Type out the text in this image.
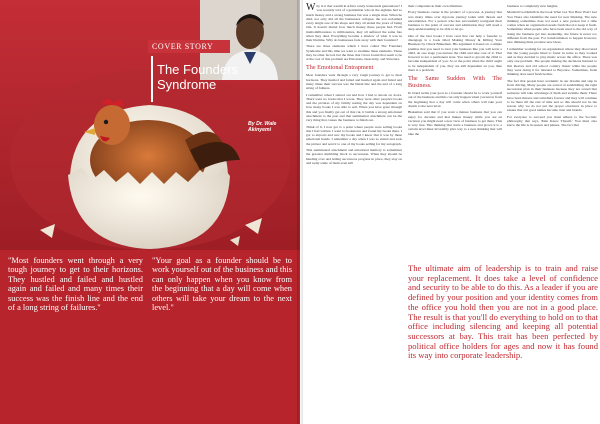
COVER STORY
The Founders
Syndrome
By Dr. Wale Akinyemi
"Most founders went through a very tough journey to get to their horizons. They hustled and failed and hustled again and failed and many times their success was the finish line and the end of a long string of failures."
"Your goal as a founder should be to work yourself out of the business and this can only happen when you know from the beginning that a day will come when others will take your dream to the next level."

Why is it that wealth in Africa rarely transcends generations? I was recently told of a gentleman who in the eighties had so much money and a strong business but was a single man. When he died, not only did all the businesses collapse, the son reclaimed every single one of his shops and they all ended the years of being idle. It doesn't matter how much money these people had. From multi-millionaires to millionaires, they all suffered the same fate when they died. Everything became a shadow of what it was in their lifetime. Why do businesses fade away with their founders?

There are three elements which I have called The Founders Syndrome and this time we want to examine these elements. These may be other factors but the three that I have found that seem to be at the root of this problem are Emotions, Insecurity, and Structure.

The Emotional Entrapment

Most founders went through a very tough journey to get to their horizons. They hustled and failed and hustled again and failed and many times their success was the finish line and the end of a long string of failures.

I remember when I started out and how I had to knock on doors. There were no books that I wrote. They were other people's books and the pictures of my family resting the day was dependent on how many books I was able to sell. When you have gone through this and you finally get out of that rut, it builds a strong emotional attachment to the past and that sentimental attachment can be the very thing that causes the business to finish out.

Think of it. I now get to a point where people were selling books that I had written. I went to bookstores and found my books there. I got to airports and saw my books and I knew that it was by these emotional hands. I remember a day when I was so elated and took the picture and sent it to one of my books selling for my autograph.

This sentimental attachment and emotional memory is sometimes the greatest stumbling block to succession. When they should be handing over and letting successors progress in place, they stay on and sadly some of them even kill

their companies in their own lifetimes.

Every business owner is the product of a process. A journey that was many times over rigorous journey laden with threats and uncertainties. For a person who has successfully navigated their business to the point of success and admiration they will need a deep understanding to be able to let go.

One of the best books I have read that can help a founder to disengage is a book titled Making Money & Killing Your Business by Chuck Blakeman. His argument is based on a simple premise that you need to treat your business like you will sever a child. At one stage you nurture the child and take care of it. That however is not a permanent state. You need to groom the child to become independent of you. So at the point when the child ought to be independent of you, they are still dependent on you, then there is a problem.

The Same Sudden With The Business.

In brand terms your goal as a founder should be to work yourself out of the business and this can only happen when you know from the beginning that a day will come when others will take your dream to the next level.

Blakeman said that if you want a mature business that you can enjoy for decades and that makes money while you are on vacation you might need a new view of business to get there. This is very true. This thinking that starts a business and grows it to a certain level must invariably give way to a new thinking that will take the

business to completely new heights.

Marshall Goldsmith in the book What Got You Here Won't Get You There also identifies the need for new thinking. The new thinking sometimes does not need a new person but a time comes when an organisation needs fresh blood to keep it fresh. Sometimes when people who have been used to the old way of doing the business get into leadership, the future is never too different from the past. For transformation to happen however, new thinking must produce new ideas.

I remember working for an organisation where they discovered that the young people hired to foster in some as they worked and as they decided to play music across the office. There was only one problem. The people making the decisions listened to Jim Reeves and old school country music while the people they were doing it for listened to Beyonce. Sometimes, fresh thinking does need fresh bodies.

The fact that people have academic in our dreams and step in from driving. Many people are scared of establishing the right succession plan in their business because they are scared that someone will take advantage of them and swindle them. There have been thieves and swindlers forever and they will continue to be there till the end of time and so this should not be the reason why we do not put the proper structures in place to ensure that our good names become trust and brands.

For everyone to succeed you must adhere to the Socratic philosophy that says, 'Man Know Thyself.' You must also know the life is in season and phases. The fact that

The ultimate aim of leadership is to train and raise your replacement. It does take a level of confidence and security to be able to do this. As a leader if you are defined by your position and your identity comes from the office you hold then you are not in a good place. The result is that you'll do everything to hold on to that office including silencing and keeping all potential successors at bay. This trait has been perfected by political office holders for ages and now it has found its way into corporate leadership.
